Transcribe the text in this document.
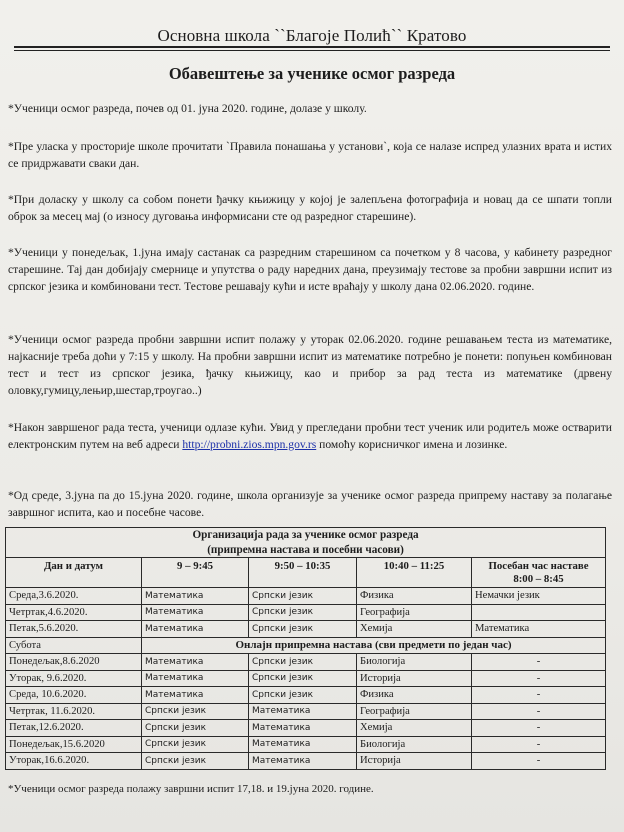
Основна школа ``Благоје Полић`` Кратово
Обавештење за ученике осмог разреда
*Ученици осмог разреда, почев од 01. јуна 2020. године, долазе у школу.
*Пре уласка у просторије школе прочитати `Правила понашања у установи`, која се налазе испред улазних врата и истих се придржавати сваки дан.
*При доласку у школу са собом понети ђачку књижицу у којој је залепљена фотографија и новац да се шпати топли оброк за месец мај (о износу дуговања информисани сте од разредног старешине).
*Ученици у понедељак, 1.јуна имају састанак са разредним старешином са почетком у 8 часова, у кабинету разредног старешине. Тај дан добијају смернице и упутства о раду наредних дана, преузимају тестове за пробни завршни испит из српског језика и комбиновани тест. Тестове решавају кући и исте враћају у школу дана 02.06.2020. године.
*Ученици осмог разреда пробни завршни испит полажу у уторак 02.06.2020. године решавањем теста из математике, најкасније треба доћи у 7:15 у школу. На пробни завршни испит из математике потребно је понети: попуњен комбинован тест и тест из српског језика, ђачку књижицу, као и прибор за рад теста из математике (дрвену оловку,гумицу,лењир,шестар,троугао..)
*Након завршеног рада теста, ученици одлазе кући. Увид у прегледани пробни тест ученик или родитељ може остварити електронским путем на веб адреси http://probni.zios.mpn.gov.rs помоћу корисничког имена и лозинке.
*Од среде, 3.јуна па до 15.јуна 2020. године, школа организује за ученике осмог разреда припрему наставу за полагање завршног испита, као и посебне часове.
Организација рада за ученике осмог разреда				
(припремна настава и посебни часови)				
Дан и датум	9 – 9:45	9:50 – 10:35	10:40 – 11:25	Посебан час наставе
8:00 – 8:45

Среда,3.6.2020.	Математика	Српски језик	Физика	Немачки језик
Четртак,4.6.2020.	Математика	Српски језик	Географија	
Петак,5.6.2020.	Математика	Српски језик	Хемија	Математика
Субота	Онлајн припремна настава (сви предмети по један час)			
Понедељак,8.6.2020	Математика	Српски језик	Биологија	-
Уторак, 9.6.2020.	Математика	Српски језик	Историја	-
Среда, 10.6.2020.	Математика	Српски језик	Физика	-
Четртак, 11.6.2020.	Српски језик	Математика	Географија	-
Петак,12.6.2020.	Српски језик	Математика	Хемија	-
Понедељак,15.6.2020	Српски језик	Математика	Биологија	-
Уторак,16.6.2020.	Српски језик	Математика	Историја	-
*Ученици осмог разреда полажу завршни испит 17,18. и 19.јуна 2020. године.
